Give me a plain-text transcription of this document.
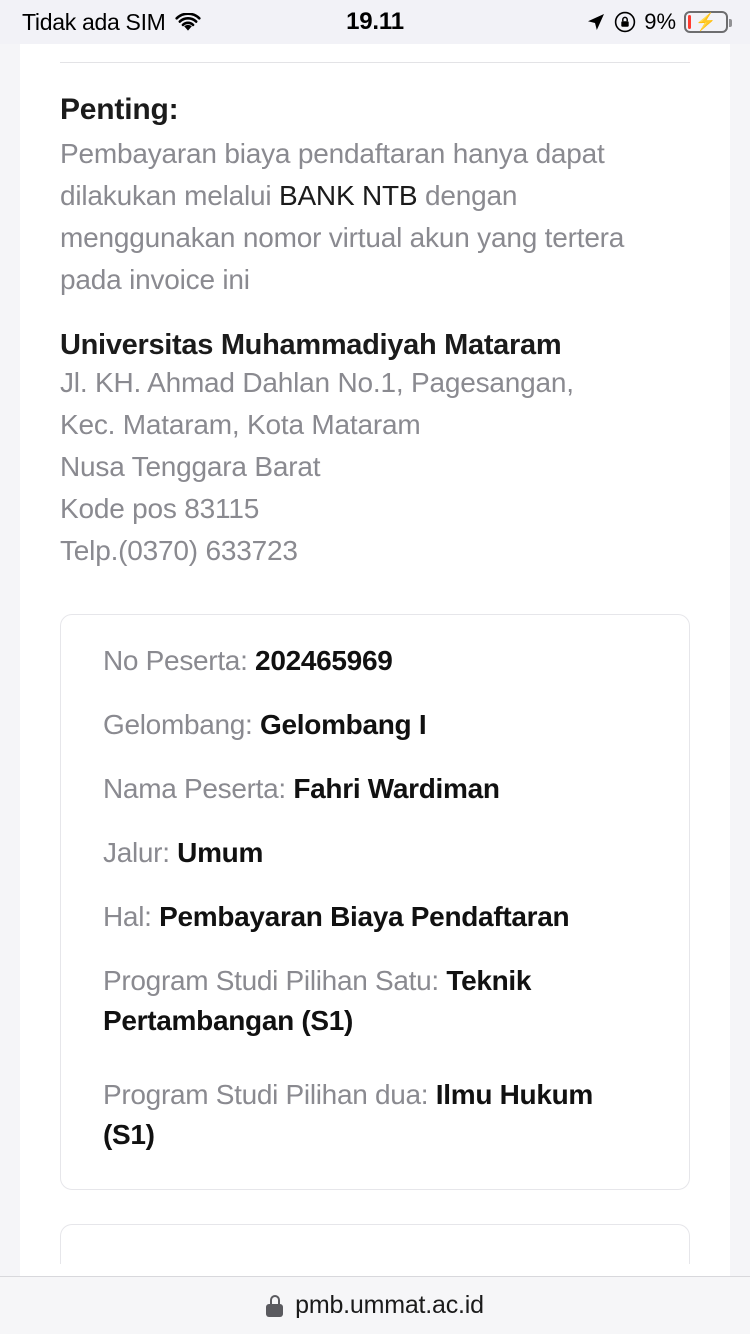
Tidak ada SIM	19.11	9% ⚡
Penting:

Pembayaran biaya pendaftaran hanya dapat dilakukan melalui BANK NTB dengan menggunakan nomor virtual akun yang tertera pada invoice ini

Universitas Muhammadiyah Mataram
Jl. KH. Ahmad Dahlan No.1, Pagesangan,
Kec. Mataram, Kota Mataram
Nusa Tenggara Barat
Kode pos 83115
Telp.(0370) 633723
No Peserta: 202465969
Gelombang: Gelombang I
Nama Peserta: Fahri Wardiman
Jalur: Umum
Hal: Pembayaran Biaya Pendaftaran
Program Studi Pilihan Satu: Teknik Pertambangan (S1)
Program Studi Pilihan dua: Ilmu Hukum (S1)
pmb.ummat.ac.id
